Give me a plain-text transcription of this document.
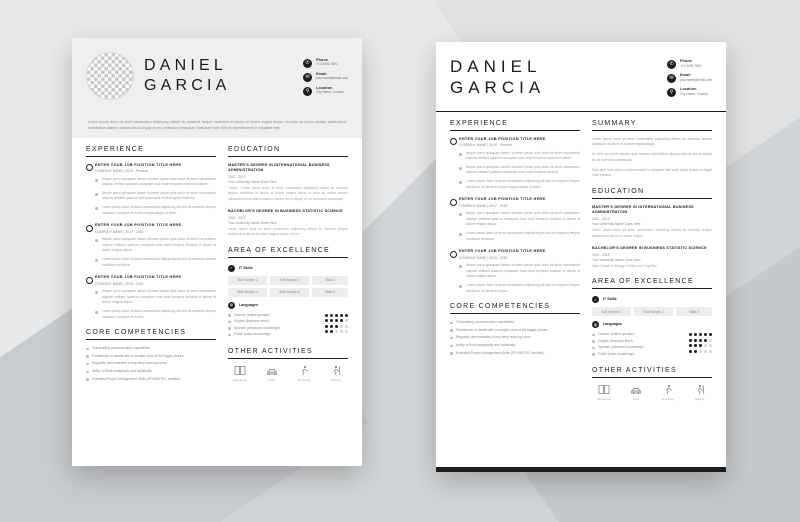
DANIEL
GARCIA
✆	Phone
+12 3456 7890
✉	Email
yourname@email.com
⚲	Location
City Name, Country
Lorem ipsum dolor sit amet consectetur adipiscing elitsed do eiusmod tempor incididunt ut labore et dolore magna aliqua. Ut enim ad minim veniam quisnostrud exercitation ullamco laboris nisi ut aliquip ex ea commodo consequat. Duis aute irure dolor in reprehenderit in voluptate velit.
EXPERIENCE
ENTER YOUR JOB POSITION TITLE HERE.
COMPANY NAME | 2019 - Present
Neque porro quisquam labore dolorem ipsum quia dolor sit amet consectetur adipisci velitsed quianon numquam eius modi tempora incidunt ut labore.
Neque porro quisquam labore dolorem ipsum quia dolor sit amet consectetur adipisci velitsed quianon numquam eius modi tempora incidunt.
Lorem ipsum dolor sit amet consectetur adipiscing elit sed do eiusmod tempor incididunt ut labore et dolore magna aliqua ut enim.
ENTER YOUR JOB POSITION TITLE HERE.
COMPANY NAME | 2017 - 2018
Neque porro quisquam labore dolorem ipsum quia dolor sit amet consectetur adipisci velitsed quianon numquam eius modi tempora incidunt ut labore et dolore magna aliqua.
Lorem ipsum dolor sit amet consectetur adipiscing elit sed do eiusmod tempor incididunt ut labore.
ENTER YOUR JOB POSITION TITLE HERE.
COMPANY NAME | 2015 - 2016
Neque porro quisquam labore dolorem ipsum quia dolor sit amet consectetur adipisci velitsed quianon numquam eius modi tempora incidunt ut labore et dolore magna aliqua.
Lorem ipsum dolor sit amet consectetur adipiscing elit sed do eiusmod tempor incididunt ut labore et dolore.
CORE COMPETENCIES
Outstanding communication capabilities
Persistence in details with a complex view of the bigger picture
Regularly demonstrates a very deep learning curve
Ability to think analytically and holistically
Extended Project Management Skills (SPHINXTEC certified)
EDUCATION
MASTER'S DEGREE IN INTERNATIONAL BUSINESS ADMINISTRATION
2012 - 2013
Your University Name Goes Here
Thesis: "Lorem ipsum dolor sit amet consectetur adipiscing elitsed do eiusmod tempor incididunt ut labore et dolore magna aliqua ut enim ad minim veniam quisnostrud exercitation ullamco laboris nisi ut aliquip ex ea commodo consequat."
BACHELOR'S DEGREE IN BUSINESS STATISTIC SCIENCE
2014 - 2015
Your University Name Goes Here
Lorem ipsum dolor sit amet consectetur adipiscing elitsed do eiusmod tempor incididunt ut labore et dolore magna aliqua ut enim.
AREA OF EXCELLENCE
✓	IT Skills
Skill Sample 1	Skill Sample 2	Skills 3
Skill Sample 4	Skill Sample 5	Skills 6
◍	Languages
German (native speaker)
English (business level)
Spanish (advanced knowledge)
Polish (basic knowledge)
OTHER ACTIVITIES
Literature	Auto	Running	Hiking
DANIEL
GARCIA
✆	Phone
+12 3456 7890
✉	Email
yourname@email.com
⚲	Location
City Name, Country
EXPERIENCE
ENTER YOUR JOB POSITION TITLE HERE.
COMPANY NAME | 2019 - Present
Neque porro quisquam labore dolorem ipsum quia dolor sit amet consectetur adipisci velitsed quianon numquam eius modi tempora incidunt ut labore.
Neque porro quisquam labore dolorem ipsum quia dolor sit amet consectetur adipisci velitsed quianon numquam eius modi tempora incidunt.
Lorem ipsum dolor sit amet consectetur adipiscing elit sed do eiusmod tempor incididunt ut labore et dolore magna aliqua ut enim.
ENTER YOUR JOB POSITION TITLE HERE.
COMPANY NAME | 2017 - 2018
Neque porro quisquam labore dolorem ipsum quia dolor sit amet consectetur adipisci velitsed quianon numquam eius modi tempora incidunt ut labore et dolore magna aliqua.
Lorem ipsum dolor sit amet consectetur adipiscing elit sed do eiusmod tempor incididunt ut labore.
ENTER YOUR JOB POSITION TITLE HERE.
COMPANY NAME | 2015 - 2016
Neque porro quisquam labore dolorem ipsum quia dolor sit amet consectetur adipisci velitsed quianon numquam eius modi tempora incidunt ut labore et dolore magna aliqua.
Lorem ipsum dolor sit amet consectetur adipiscing elit sed do eiusmod tempor incididunt ut labore et dolore.
CORE COMPETENCIES
Outstanding communication capabilities
Persistence in details with a complex view of the bigger picture
Regularly demonstrates a very deep learning curve
Ability to think analytically and holistically
Extended Project Management Skills (SPHINXTEC certified)
SUMMARY
Lorem ipsum dolor sit amet consectetur adipiscing elitsed do eiusmod tempor incididunt ut labore et dolore magna aliqua.
Ut enim ad minim veniam quis nostrud exercitation ullamco laboris nisi ut aliquip ex ea commodo consequat.
Duis aute irure dolor in reprehenderit in voluptate velit esse cillum dolore eu fugiat nulla pariatur.
EDUCATION
MASTER'S DEGREE IN INTERNATIONAL BUSINESS ADMINISTRATION
2012 - 2013
Your University Name Goes Here
Lorem ipsum dolor sit amet consectetur adipiscing elitsed do eiusmod tempor incididunt ut labore et dolore magna.
BACHELOR'S DEGREE IN BUSINESS STATISTIC SCIENCE
2014 - 2015
Your University Name Goes Here
Main Course in Biology, Politics and Cognitive.
AREA OF EXCELLENCE
✓	IT Skills
Skill Sample 1	Skill Sample 2	Skills 3
◍	Languages
German (native speaker)
English (business level)
Spanish (advanced knowledge)
Polish (basic knowledge)
OTHER ACTIVITIES
Literature	Auto	Running	Hiking
